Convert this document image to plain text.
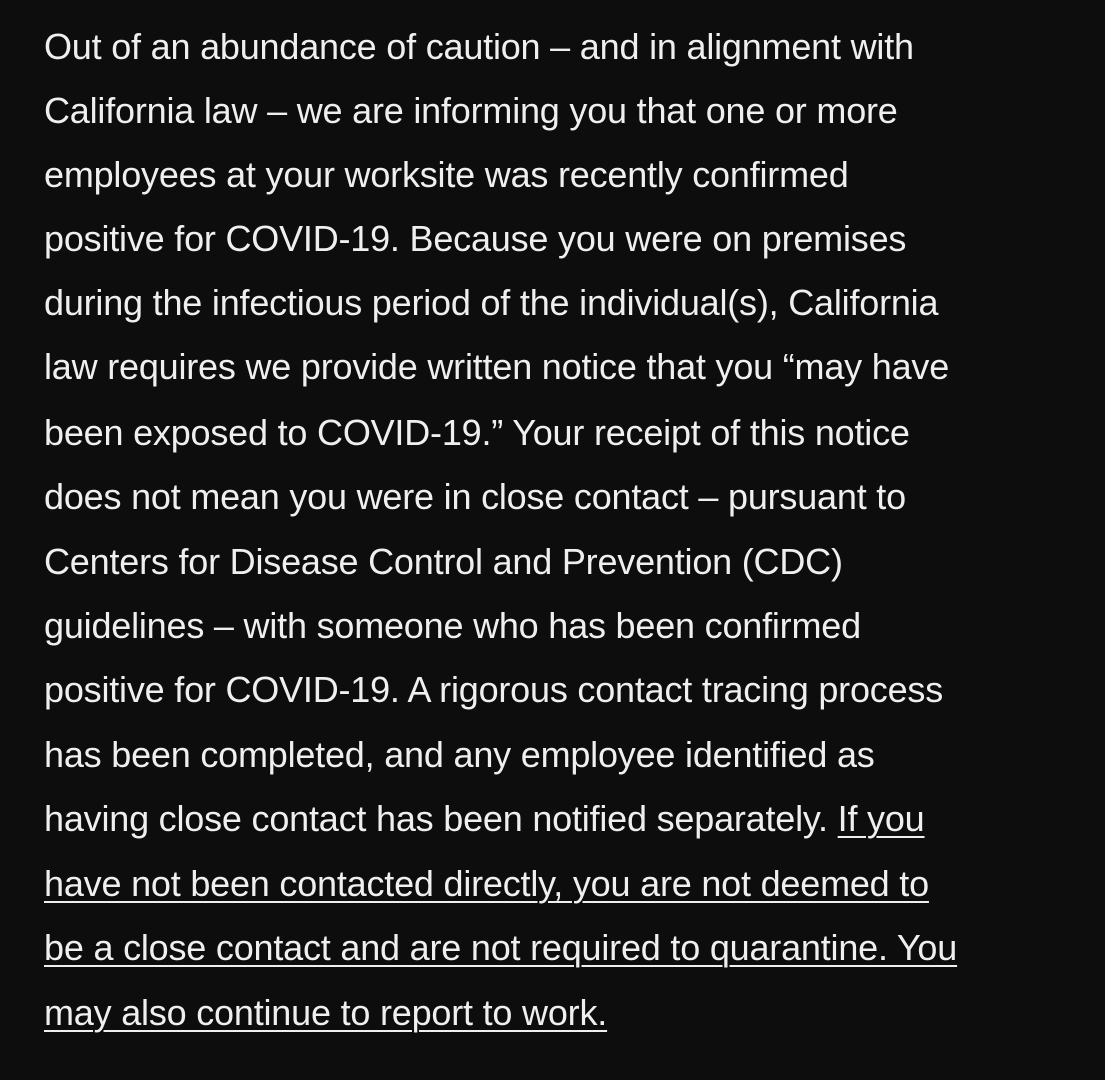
Out of an abundance of caution – and in alignment with
California law – we are informing you that one or more
employees at your worksite was recently confirmed
positive for COVID-19. Because you were on premises
during the infectious period of the individual(s), California
law requires we provide written notice that you “may have
been exposed to COVID-19.” Your receipt of this notice
does not mean you were in close contact – pursuant to
Centers for Disease Control and Prevention (CDC)
guidelines – with someone who has been confirmed
positive for COVID-19. A rigorous contact tracing process
has been completed, and any employee identified as
having close contact has been notified separately. If you
have not been contacted directly, you are not deemed to
be a close contact and are not required to quarantine. You
may also continue to report to work.
